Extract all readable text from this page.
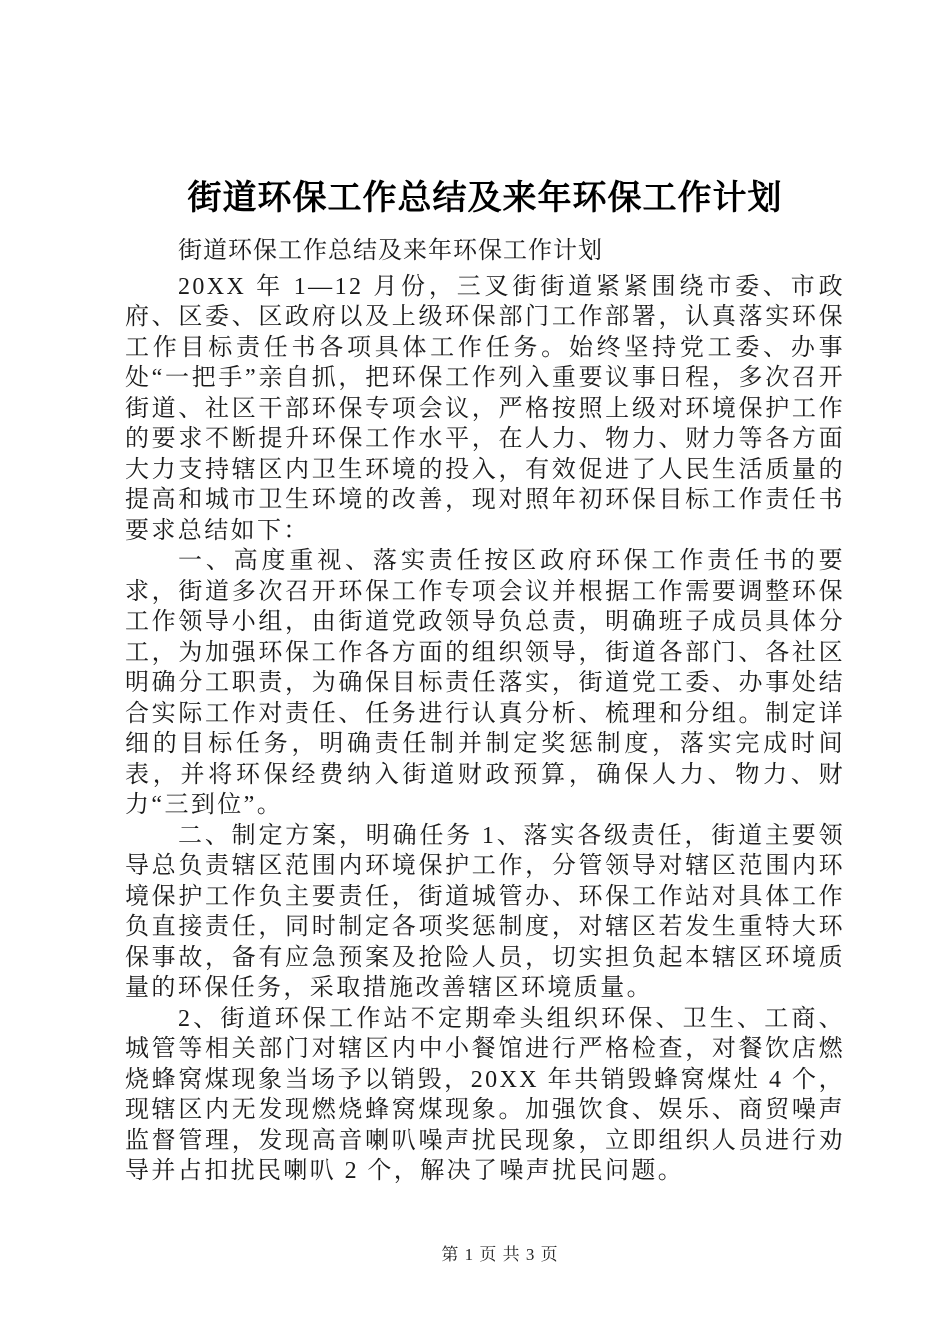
街道环保工作总结及来年环保工作计划
街道环保工作总结及来年环保工作计划

20XX 年 1—12 月份，三叉街街道紧紧围绕市委、市政府、区委、区政府以及上级环保部门工作部署，认真落实环保工作目标责任书各项具体工作任务。始终坚持党工委、办事处“一把手”亲自抓，把环保工作列入重要议事日程，多次召开街道、社区干部环保专项会议，严格按照上级对环境保护工作的要求不断提升环保工作水平，在人力、物力、财力等各方面大力支持辖区内卫生环境的投入，有效促进了人民生活质量的提高和城市卫生环境的改善，现对照年初环保目标工作责任书要求总结如下：

一、高度重视、落实责任按区政府环保工作责任书的要求，街道多次召开环保工作专项会议并根据工作需要调整环保工作领导小组，由街道党政领导负总责，明确班子成员具体分工，为加强环保工作各方面的组织领导，街道各部门、各社区明确分工职责，为确保目标责任落实，街道党工委、办事处结合实际工作对责任、任务进行认真分析、梳理和分组。制定详细的目标任务，明确责任制并制定奖惩制度，落实完成时间表，并将环保经费纳入街道财政预算，确保人力、物力、财力“三到位”。

二、制定方案，明确任务 1、落实各级责任，街道主要领导总负责辖区范围内环境保护工作，分管领导对辖区范围内环境保护工作负主要责任，街道城管办、环保工作站对具体工作负直接责任，同时制定各项奖惩制度，对辖区若发生重特大环保事故，备有应急预案及抢险人员，切实担负起本辖区环境质量的环保任务，采取措施改善辖区环境质量。

2、街道环保工作站不定期牵头组织环保、卫生、工商、城管等相关部门对辖区内中小餐馆进行严格检查，对餐饮店燃烧蜂窝煤现象当场予以销毁，20XX 年共销毁蜂窝煤灶 4 个，现辖区内无发现燃烧蜂窝煤现象。加强饮食、娱乐、商贸噪声监督管理，发现高音喇叭噪声扰民现象，立即组织人员进行劝导并占扣扰民喇叭 2 个，解决了噪声扰民问题。

第 1 页 共 3 页
